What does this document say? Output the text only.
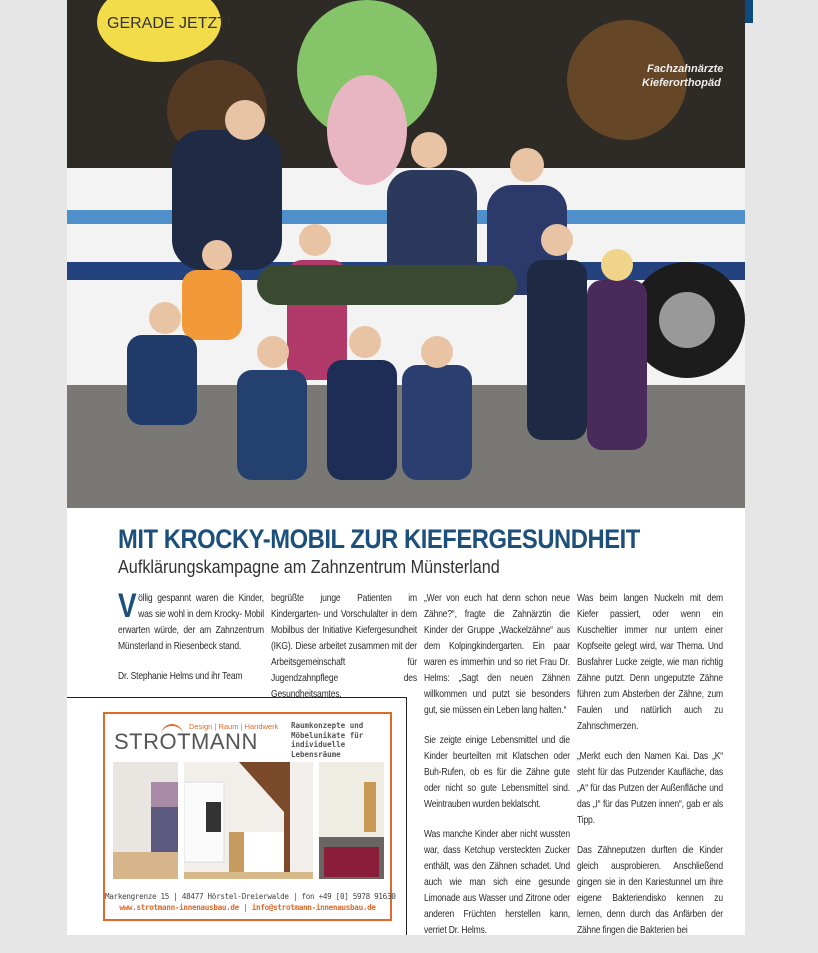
GERADE JETZT!
Fachzahnärzte
Kieferorthopäd
MIT KROCKY-MOBIL ZUR KIEFERGESUNDHEIT
Aufklärungskampagne am Zahnzentrum Münsterland

Völlig gespannt waren die Kinder, was sie wohl in dem Krocky- Mobil erwarten würde, der am Zahnzentrum Münsterland in Riesenbeck stand.

Dr. Stephanie Helms und ihr Team

begrüßte junge Patienten im Kindergarten- und Vorschulalter in dem Mobilbus der Initiative Kiefergesundheit (IKG). Diese arbeitet zusammen mit der Arbeitsgemeinschaft für Jugendzahnpflege des Gesundheitsamtes.

„Wer von euch hat denn schon neue Zähne?“, fragte die Zahnärztin die Kinder der Gruppe „Wackelzähne“ aus dem Kolpingkindergarten. Ein paar waren es immerhin und so riet Frau Dr. Helms: „Sagt den neuen Zähnen willkommen und putzt sie besonders gut, sie müssen ein Leben lang halten.“

Sie zeigte einige Lebensmittel und die Kinder beurteilten mit Klatschen oder Buh-Rufen, ob es für die Zähne gute oder nicht so gute Lebensmittel sind. Weintrauben wurden beklatscht.

Was manche Kinder aber nicht wussten war, dass Ketchup versteckten Zucker enthält, was den Zähnen schadet. Und auch wie man sich eine gesunde Limonade aus Wasser und Zitrone oder anderen Früchten herstellen kann, verriet Dr. Helms.

Was beim langen Nuckeln mit dem Kiefer passiert, oder wenn ein Kuscheltier immer nur untern einer Kopfseite gelegt wird, war Thema. Und Busfahrer Lucke zeigte, wie man richtig Zähne putzt. Denn ungeputzte Zähne führen zum Absterben der Zähne, zum Faulen und natürlich auch zu Zahnschmerzen.

„Merkt euch den Namen Kai. Das „K“ steht für das Putzender Kaufläche, das „A“ für das Putzen der Außenfläche und das „I“ für das Putzen innen“, gab er als Tipp.

Das Zähneputzen durften die Kinder gleich ausprobieren. Anschließend gingen sie in den Kariestunnel um ihre eigene Bakteriendisko kennen zu lernen, denn durch das Anfärben der Zähne fingen die Bakterien bei

STROTMANN
Design | Raum | Handwerk Raumkonzepte und
Möbelunikate für
individuelle Lebensräume
Markengrenze 15 | 48477 Hörstel-Dreierwalde | fon +49 [0] 5978 91630
www.strotmann-innenausbau.de | info@strotmann-innenausbau.de
